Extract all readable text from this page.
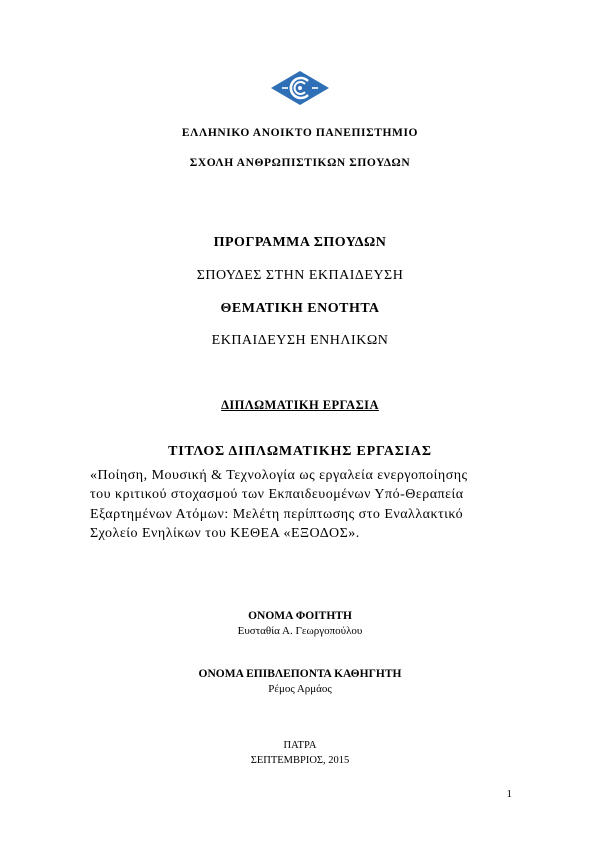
ΕΛΛΗΝΙΚΟ ΑΝΟΙΚΤΟ ΠΑΝΕΠΙΣΤΗΜΙΟ
ΣΧΟΛΗ ΑΝΘΡΩΠΙΣΤΙΚΩΝ ΣΠΟΥΔΩΝ
ΠΡΟΓΡΑΜΜΑ ΣΠΟΥΔΩΝ
ΣΠΟΥΔΕΣ ΣΤΗΝ ΕΚΠΑΙΔΕΥΣΗ
ΘΕΜΑΤΙΚΗ ΕΝΟΤΗΤΑ
ΕΚΠΑΙΔΕΥΣΗ ΕΝΗΛΙΚΩΝ
ΔΙΠΛΩΜΑΤΙΚΗ ΕΡΓΑΣΙΑ
ΤΙΤΛΟΣ ΔΙΠΛΩΜΑΤΙΚΗΣ ΕΡΓΑΣΙΑΣ
«Ποίηση, Μουσική & Τεχνολογία ως εργαλεία ενεργοποίησης
του κριτικού στοχασμού των Εκπαιδευομένων Υπό-Θεραπεία
Εξαρτημένων Ατόμων: Μελέτη περίπτωσης στο Εναλλακτικό
Σχολείο Ενηλίκων του ΚΕΘΕΑ «ΕΞΟΔΟΣ».
ΟΝΟΜΑ ΦΟΙΤΗΤΗ
Ευσταθία Α. Γεωργοπούλου
ΟΝΟΜΑ ΕΠΙΒΛΕΠΟΝΤΑ ΚΑΘΗΓΗΤΗ
Ρέμος Αρμάος
ΠΑΤΡΑ
ΣΕΠΤΕΜΒΡΙΟΣ, 2015
1
